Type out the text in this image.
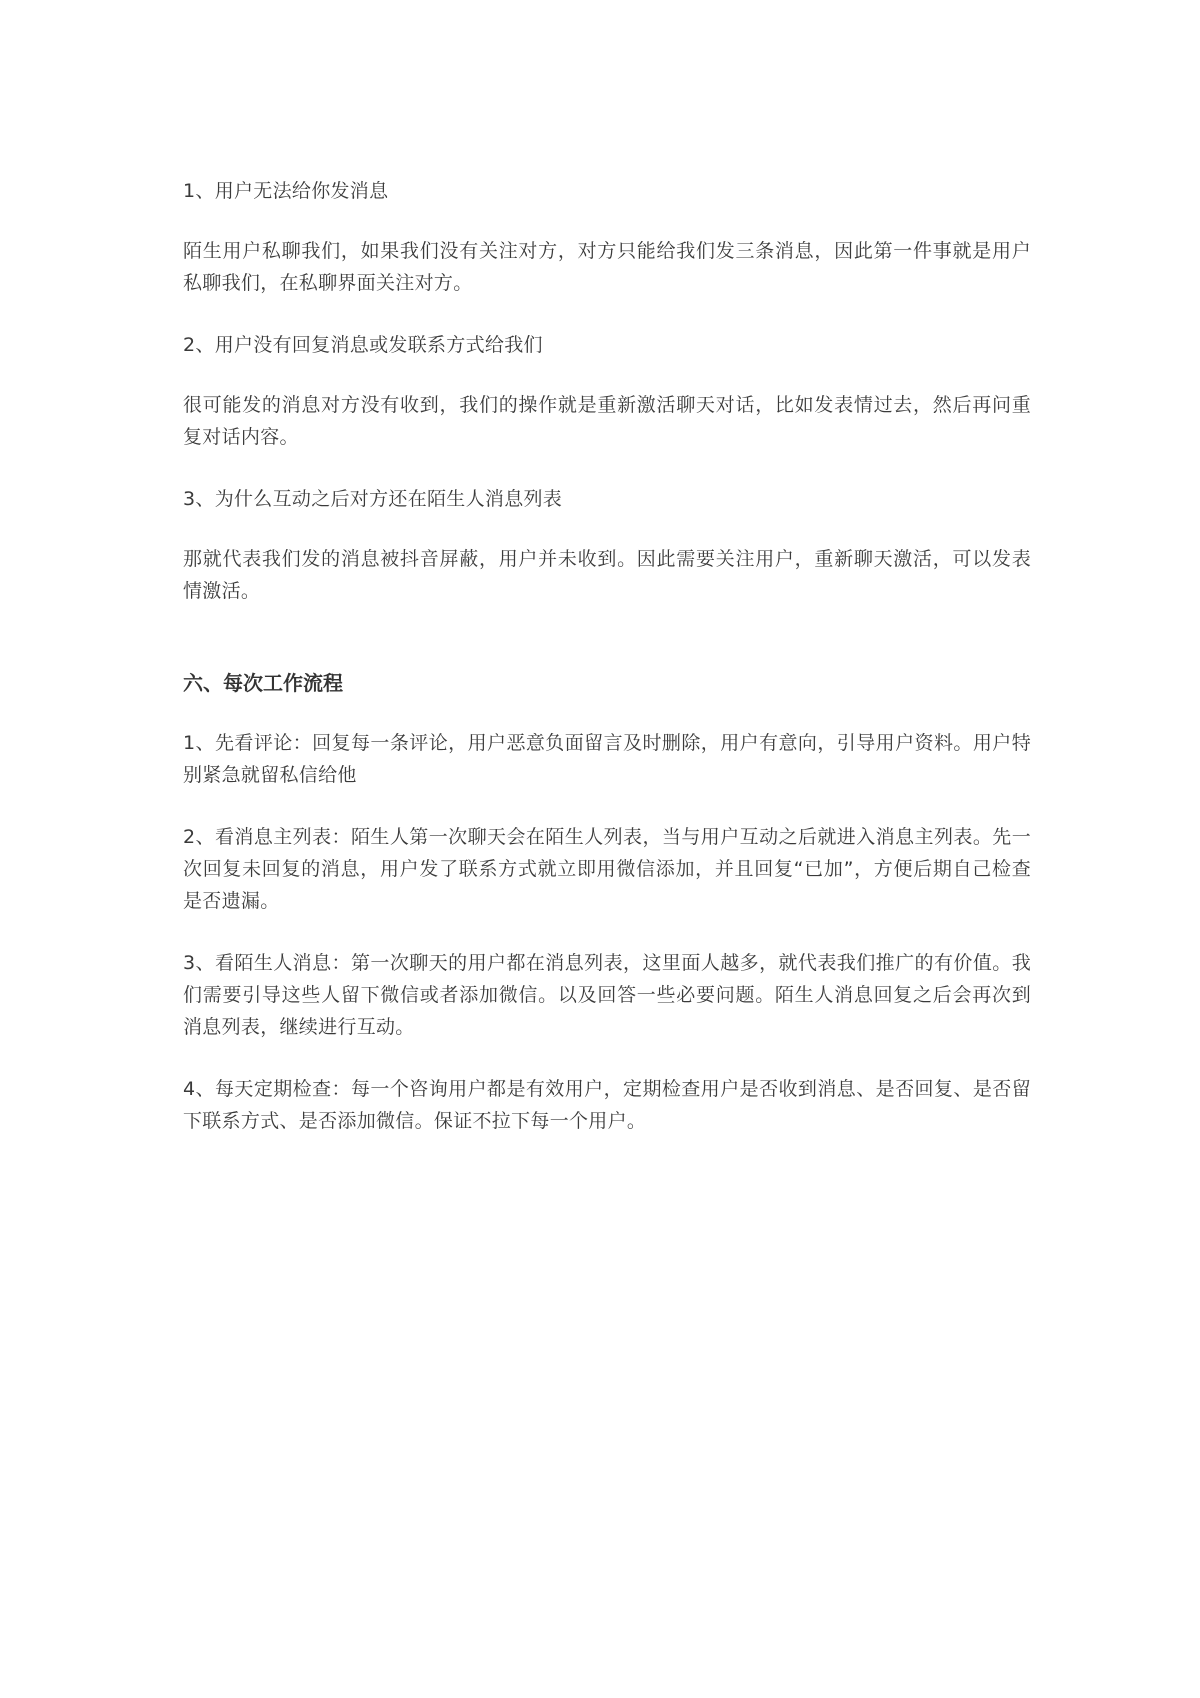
1、用户无法给你发消息

陌生用户私聊我们，如果我们没有关注对方，对方只能给我们发三条消息，因此第一件事就是用户私聊我们，在私聊界面关注对方。

2、用户没有回复消息或发联系方式给我们

很可能发的消息对方没有收到，我们的操作就是重新激活聊天对话，比如发表情过去，然后再问重复对话内容。

3、为什么互动之后对方还在陌生人消息列表

那就代表我们发的消息被抖音屏蔽，用户并未收到。因此需要关注用户，重新聊天激活，可以发表情激活。

六、每次工作流程

1、先看评论：回复每一条评论，用户恶意负面留言及时删除，用户有意向，引导用户资料。用户特别紧急就留私信给他

2、看消息主列表：陌生人第一次聊天会在陌生人列表，当与用户互动之后就进入消息主列表。先一次回复未回复的消息，用户发了联系方式就立即用微信添加，并且回复“已加”，方便后期自己检查是否遗漏。

3、看陌生人消息：第一次聊天的用户都在消息列表，这里面人越多，就代表我们推广的有价值。我们需要引导这些人留下微信或者添加微信。以及回答一些必要问题。陌生人消息回复之后会再次到消息列表，继续进行互动。

4、每天定期检查：每一个咨询用户都是有效用户，定期检查用户是否收到消息、是否回复、是否留下联系方式、是否添加微信。保证不拉下每一个用户。
